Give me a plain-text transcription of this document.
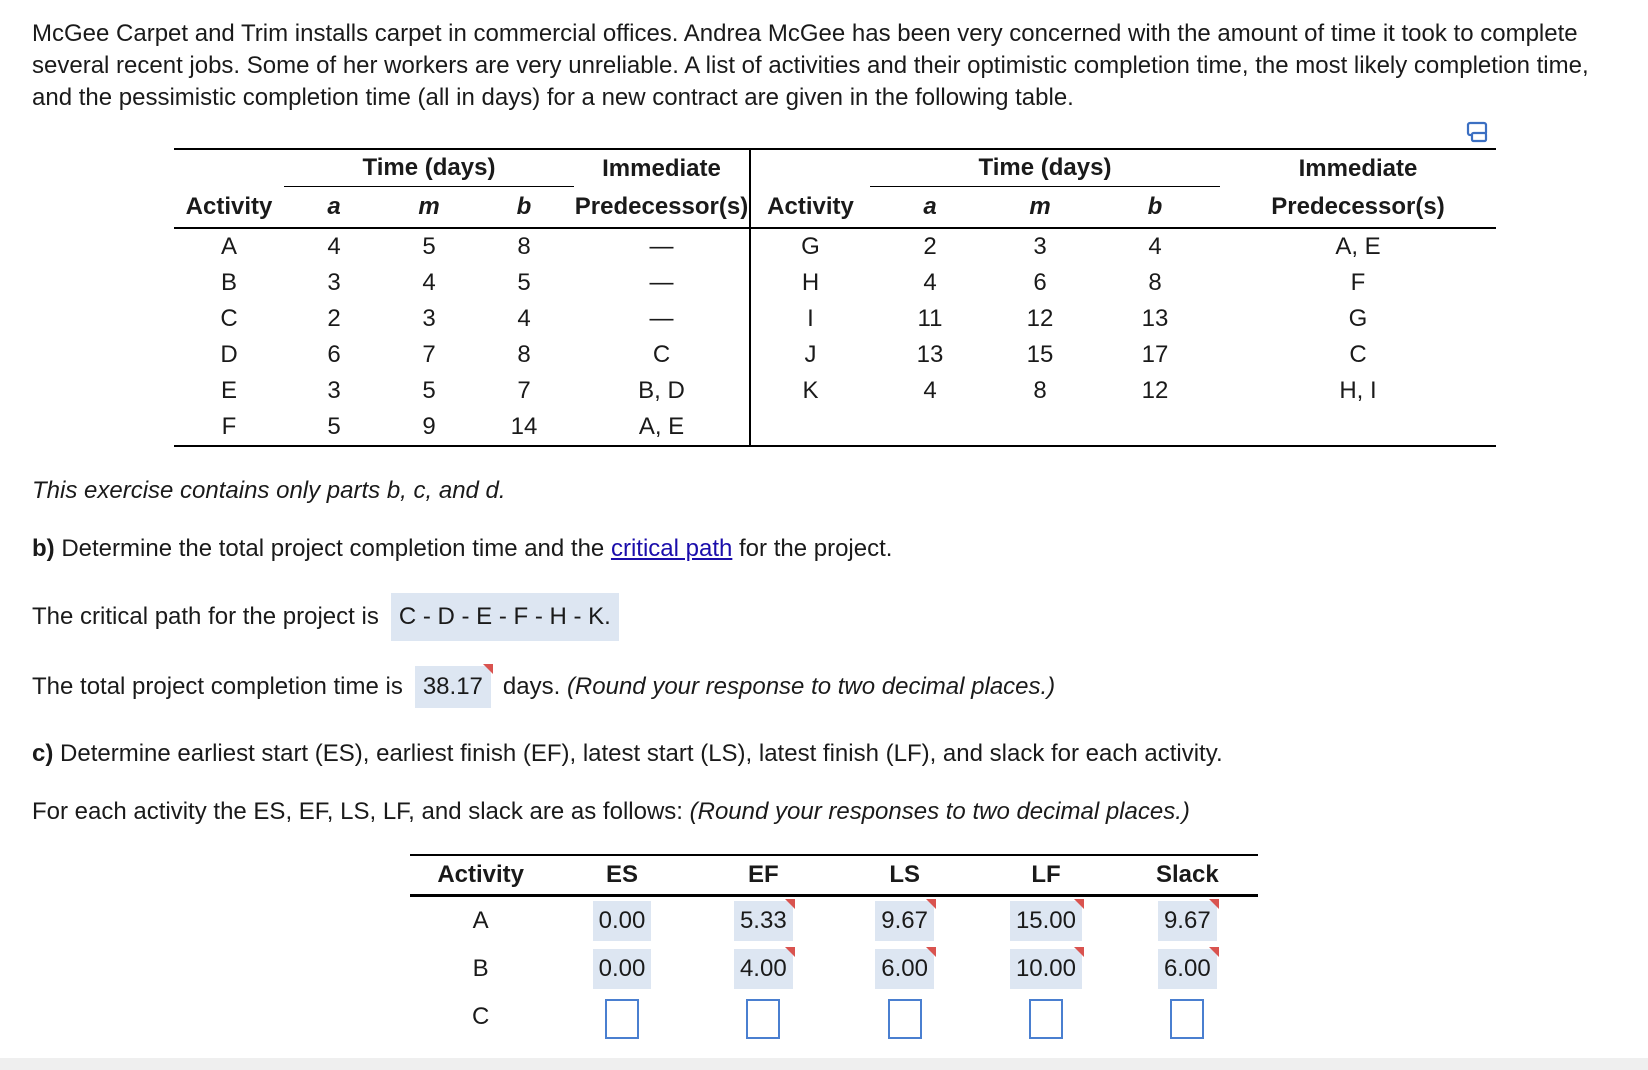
McGee Carpet and Trim installs carpet in commercial offices. Andrea McGee has been very concerned with the amount of time it took to complete several recent jobs. Some of her workers are very unreliable. A list of activities and their optimistic completion time, the most likely completion time, and the pessimistic completion time (all in days) for a new contract are given in the following table.

	Time (days)			Immediate		Time (days)			Immediate
Activity	a	m	b	Predecessor(s)	Activity	a	m	b	Predecessor(s)
A	4	5	8	—	G	2	3	4	A, E
B	3	4	5	—	H	4	6	8	F
C	2	3	4	—	I	11	12	13	G
D	6	7	8	C	J	13	15	17	C
E	3	5	7	B, D	K	4	8	12	H, I
F	5	9	14	A, E					

This exercise contains only parts b, c, and d.

b) Determine the total project completion time and the critical path for the project.

The critical path for the project is C - D - E - F - H - K.
The total project completion time is 38.17 days.
(Round your response to two decimal places.)

c) Determine earliest start (ES), earliest finish (EF), latest start (LS), latest finish (LF), and slack for each activity.

For each activity the ES, EF, LS, LF, and slack are as follows: (Round your responses to two decimal places.)

Activity	ES	EF	LS	LF	Slack
A	0.00	5.33	9.67	15.00	9.67

B	0.00	4.00	6.00	10.00	6.00

C					
